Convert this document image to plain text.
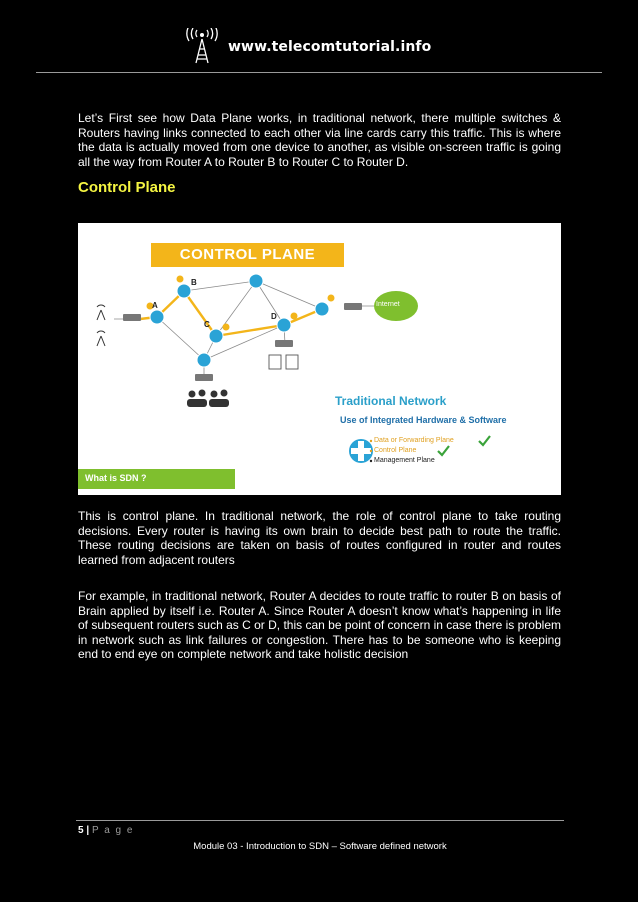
www.telecomtutorial.info

Let’s First see how Data Plane works, in traditional network, there multiple switches & Routers having links connected to each other via line cards carry this traffic. This is where the data is actually moved from one device to another, as visible on-screen traffic is going all the way from Router A to Router B to Router C to Router D.

Control Plane
CONTROL PLANE
A
B
C
D
Internet
Traditional Network
Use of Integrated Hardware & Software
Data or Forwarding Plane
Control Plane
Management Plane
What is SDN ?

This is control plane. In traditional network, the role of control plane to take routing decisions. Every router is having its own brain to decide best path to route the traffic. These routing decisions are taken on basis of routes configured in router and routes learned from adjacent routers

For example, in traditional network, Router A decides to route traffic to router B on basis of Brain applied by itself i.e. Router A. Since Router A doesn’t know what’s happening in life of subsequent routers such as C or D, this can be point of concern in case there is problem in network such as link failures or congestion. There has to be someone who is keeping end to end eye on complete network and take holistic decision

5 | P a g e
Module 03 - Introduction to SDN – Software defined network
